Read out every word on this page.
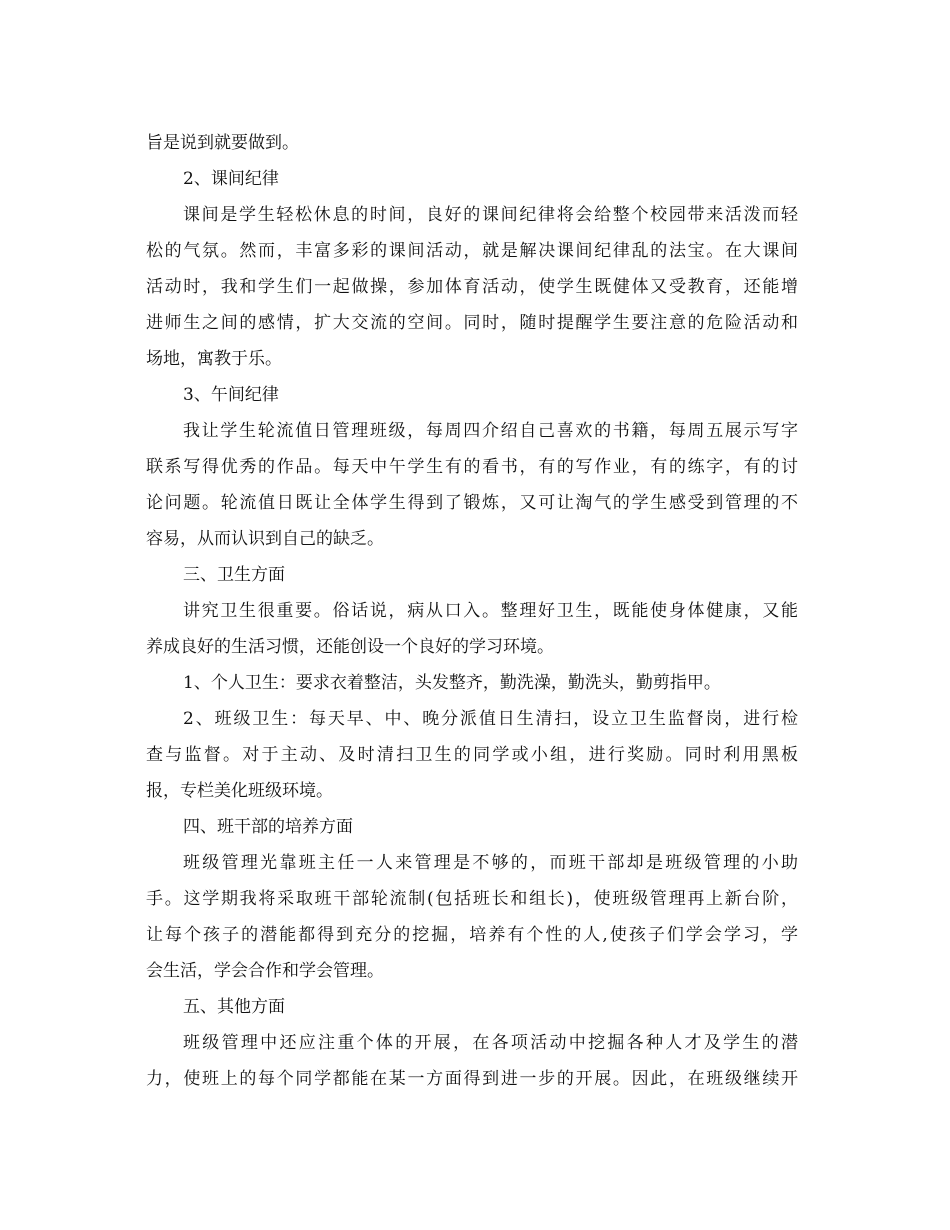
旨是说到就要做到。
2、课间纪律
课间是学生轻松休息的时间，良好的课间纪律将会给整个校园带来活泼而轻
松的气氛。然而，丰富多彩的课间活动，就是解决课间纪律乱的法宝。在大课间
活动时，我和学生们一起做操，参加体育活动，使学生既健体又受教育，还能增
进师生之间的感情，扩大交流的空间。同时，随时提醒学生要注意的危险活动和
场地，寓教于乐。
3、午间纪律
我让学生轮流值日管理班级，每周四介绍自己喜欢的书籍，每周五展示写字
联系写得优秀的作品。每天中午学生有的看书，有的写作业，有的练字，有的讨
论问题。轮流值日既让全体学生得到了锻炼，又可让淘气的学生感受到管理的不
容易，从而认识到自己的缺乏。
三、卫生方面
讲究卫生很重要。俗话说，病从口入。整理好卫生，既能使身体健康，又能
养成良好的生活习惯，还能创设一个良好的学习环境。
1、个人卫生：要求衣着整洁，头发整齐，勤洗澡，勤洗头，勤剪指甲。
2、班级卫生：每天早、中、晚分派值日生清扫，设立卫生监督岗，进行检
查与监督。对于主动、及时清扫卫生的同学或小组，进行奖励。同时利用黑板
报，专栏美化班级环境。
四、班干部的培养方面
班级管理光靠班主任一人来管理是不够的，而班干部却是班级管理的小助
手。这学期我将采取班干部轮流制(包括班长和组长)，使班级管理再上新台阶，
让每个孩子的潜能都得到充分的挖掘，培养有个性的人,使孩子们学会学习，学
会生活，学会合作和学会管理。
五、其他方面
班级管理中还应注重个体的开展，在各项活动中挖掘各种人才及学生的潜
力，使班上的每个同学都能在某一方面得到进一步的开展。因此，在班级继续开
